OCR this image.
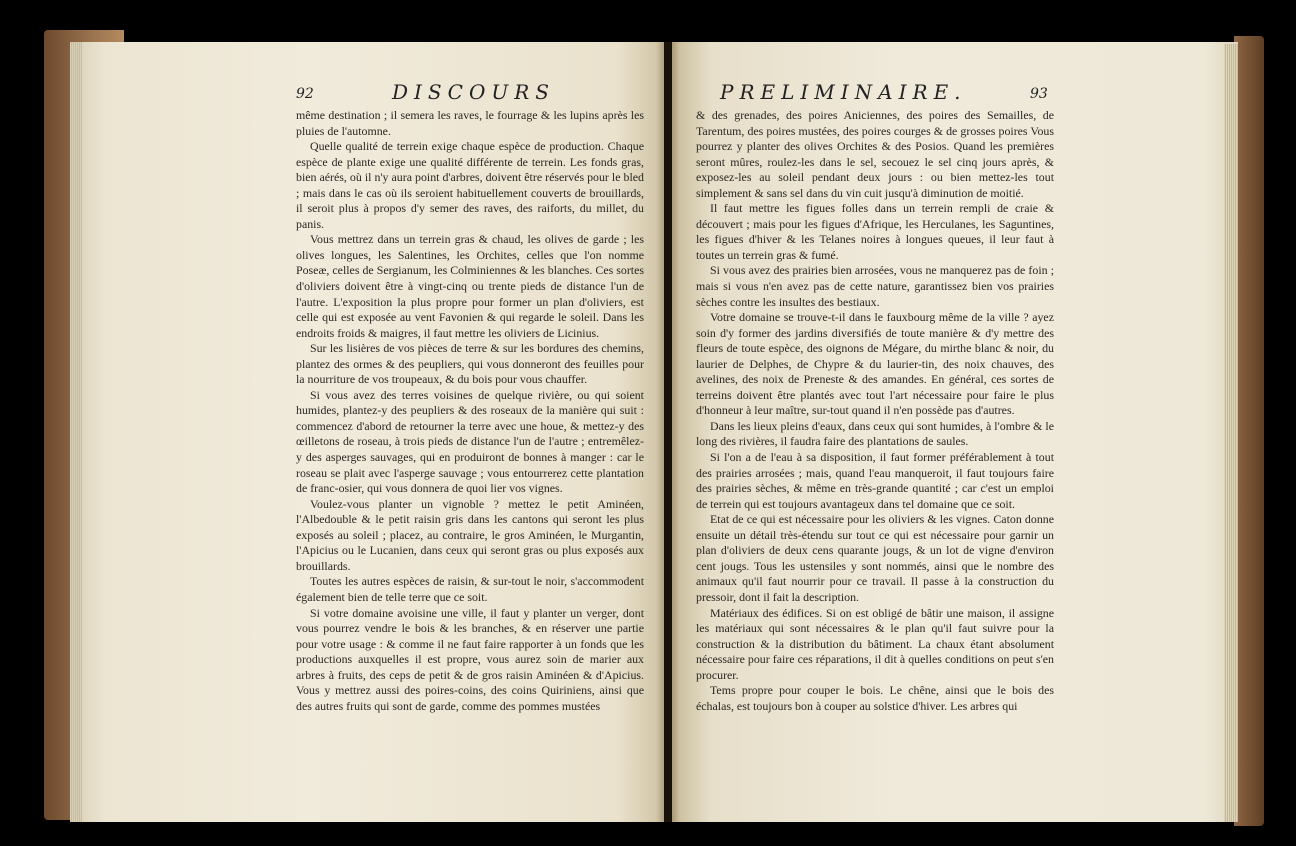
92	DISCOURS

même destination ; il semera les raves, le fourrage & les lupins après les pluies de l'automne.

Quelle qualité de terrein exige chaque espèce de production. Chaque espèce de plante exige une qualité différente de terrein. Les fonds gras, bien aérés, où il n'y aura point d'arbres, doivent être réservés pour le bled ; mais dans le cas où ils seroient habituellement couverts de brouillards, il seroit plus à propos d'y semer des raves, des raiforts, du millet, du panis.

Vous mettrez dans un terrein gras & chaud, les olives de garde ; les olives longues, les Salentines, les Orchites, celles que l'on nomme Poseæ, celles de Sergianum, les Colminiennes & les blanches. Ces sortes d'oliviers doivent être à vingt-cinq ou trente pieds de distance l'un de l'autre. L'exposition la plus propre pour former un plan d'oliviers, est celle qui est exposée au vent Favonien & qui regarde le soleil. Dans les endroits froids & maigres, il faut mettre les oliviers de Licinius.

Sur les lisières de vos pièces de terre & sur les bordures des chemins, plantez des ormes & des peupliers, qui vous donneront des feuilles pour la nourriture de vos troupeaux, & du bois pour vous chauffer.

Si vous avez des terres voisines de quelque rivière, ou qui soient humides, plantez-y des peupliers & des roseaux de la manière qui suit : commencez d'abord de retourner la terre avec une houe, & mettez-y des œilletons de roseau, à trois pieds de distance l'un de l'autre ; entremêlez-y des asperges sauvages, qui en produiront de bonnes à manger : car le roseau se plait avec l'asperge sauvage ; vous entourrerez cette plantation de franc-osier, qui vous donnera de quoi lier vos vignes.

Voulez-vous planter un vignoble ? mettez le petit Aminéen, l'Albedouble & le petit raisin gris dans les cantons qui seront les plus exposés au soleil ; placez, au contraire, le gros Aminéen, le Murgantin, l'Apicius ou le Lucanien, dans ceux qui seront gras ou plus exposés aux brouillards.

Toutes les autres espèces de raisin, & sur-tout le noir, s'accommodent également bien de telle terre que ce soit.

Si votre domaine avoisine une ville, il faut y planter un verger, dont vous pourrez vendre le bois & les branches, & en réserver une partie pour votre usage : & comme il ne faut faire rapporter à un fonds que les productions auxquelles il est propre, vous aurez soin de marier aux arbres à fruits, des ceps de petit & de gros raisin Aminéen & d'Apicius. Vous y mettrez aussi des poires-coins, des coins Quiriniens, ainsi que des autres fruits qui sont de garde, comme des pommes mustées

PRELIMINAIRE.	93

& des grenades, des poires Aniciennes, des poires des Semailles, de Tarentum, des poires mustées, des poires courges & de grosses poires Vous pourrez y planter des olives Orchites & des Posios. Quand les premières seront mûres, roulez-les dans le sel, secouez le sel cinq jours après, & exposez-les au soleil pendant deux jours : ou bien mettez-les tout simplement & sans sel dans du vin cuit jusqu'à diminution de moitié.

Il faut mettre les figues folles dans un terrein rempli de craie & découvert ; mais pour les figues d'Afrique, les Herculanes, les Saguntines, les figues d'hiver & les Telanes noires à longues queues, il leur faut à toutes un terrein gras & fumé.

Si vous avez des prairies bien arrosées, vous ne manquerez pas de foin ; mais si vous n'en avez pas de cette nature, garantissez bien vos prairies sèches contre les insultes des bestiaux.

Votre domaine se trouve-t-il dans le fauxbourg même de la ville ? ayez soin d'y former des jardins diversifiés de toute manière & d'y mettre des fleurs de toute espèce, des oignons de Mégare, du mirthe blanc & noir, du laurier de Delphes, de Chypre & du laurier-tin, des noix chauves, des avelines, des noix de Preneste & des amandes. En général, ces sortes de terreins doivent être plantés avec tout l'art nécessaire pour faire le plus d'honneur à leur maître, sur-tout quand il n'en possède pas d'autres.

Dans les lieux pleins d'eaux, dans ceux qui sont humides, à l'ombre & le long des rivières, il faudra faire des plantations de saules.

Si l'on a de l'eau à sa disposition, il faut former préférablement à tout des prairies arrosées ; mais, quand l'eau manqueroit, il faut toujours faire des prairies sèches, & même en très-grande quantité ; car c'est un emploi de terrein qui est toujours avantageux dans tel domaine que ce soit.

Etat de ce qui est nécessaire pour les oliviers & les vignes. Caton donne ensuite un détail très-étendu sur tout ce qui est nécessaire pour garnir un plan d'oliviers de deux cens quarante jougs, & un lot de vigne d'environ cent jougs. Tous les ustensiles y sont nommés, ainsi que le nombre des animaux qu'il faut nourrir pour ce travail. Il passe à la construction du pressoir, dont il fait la description.

Matériaux des édifices. Si on est obligé de bâtir une maison, il assigne les matériaux qui sont nécessaires & le plan qu'il faut suivre pour la construction & la distribution du bâtiment. La chaux étant absolument nécessaire pour faire ces réparations, il dit à quelles conditions on peut s'en procurer.

Tems propre pour couper le bois. Le chêne, ainsi que le bois des échalas, est toujours bon à couper au solstice d'hiver. Les arbres qui
